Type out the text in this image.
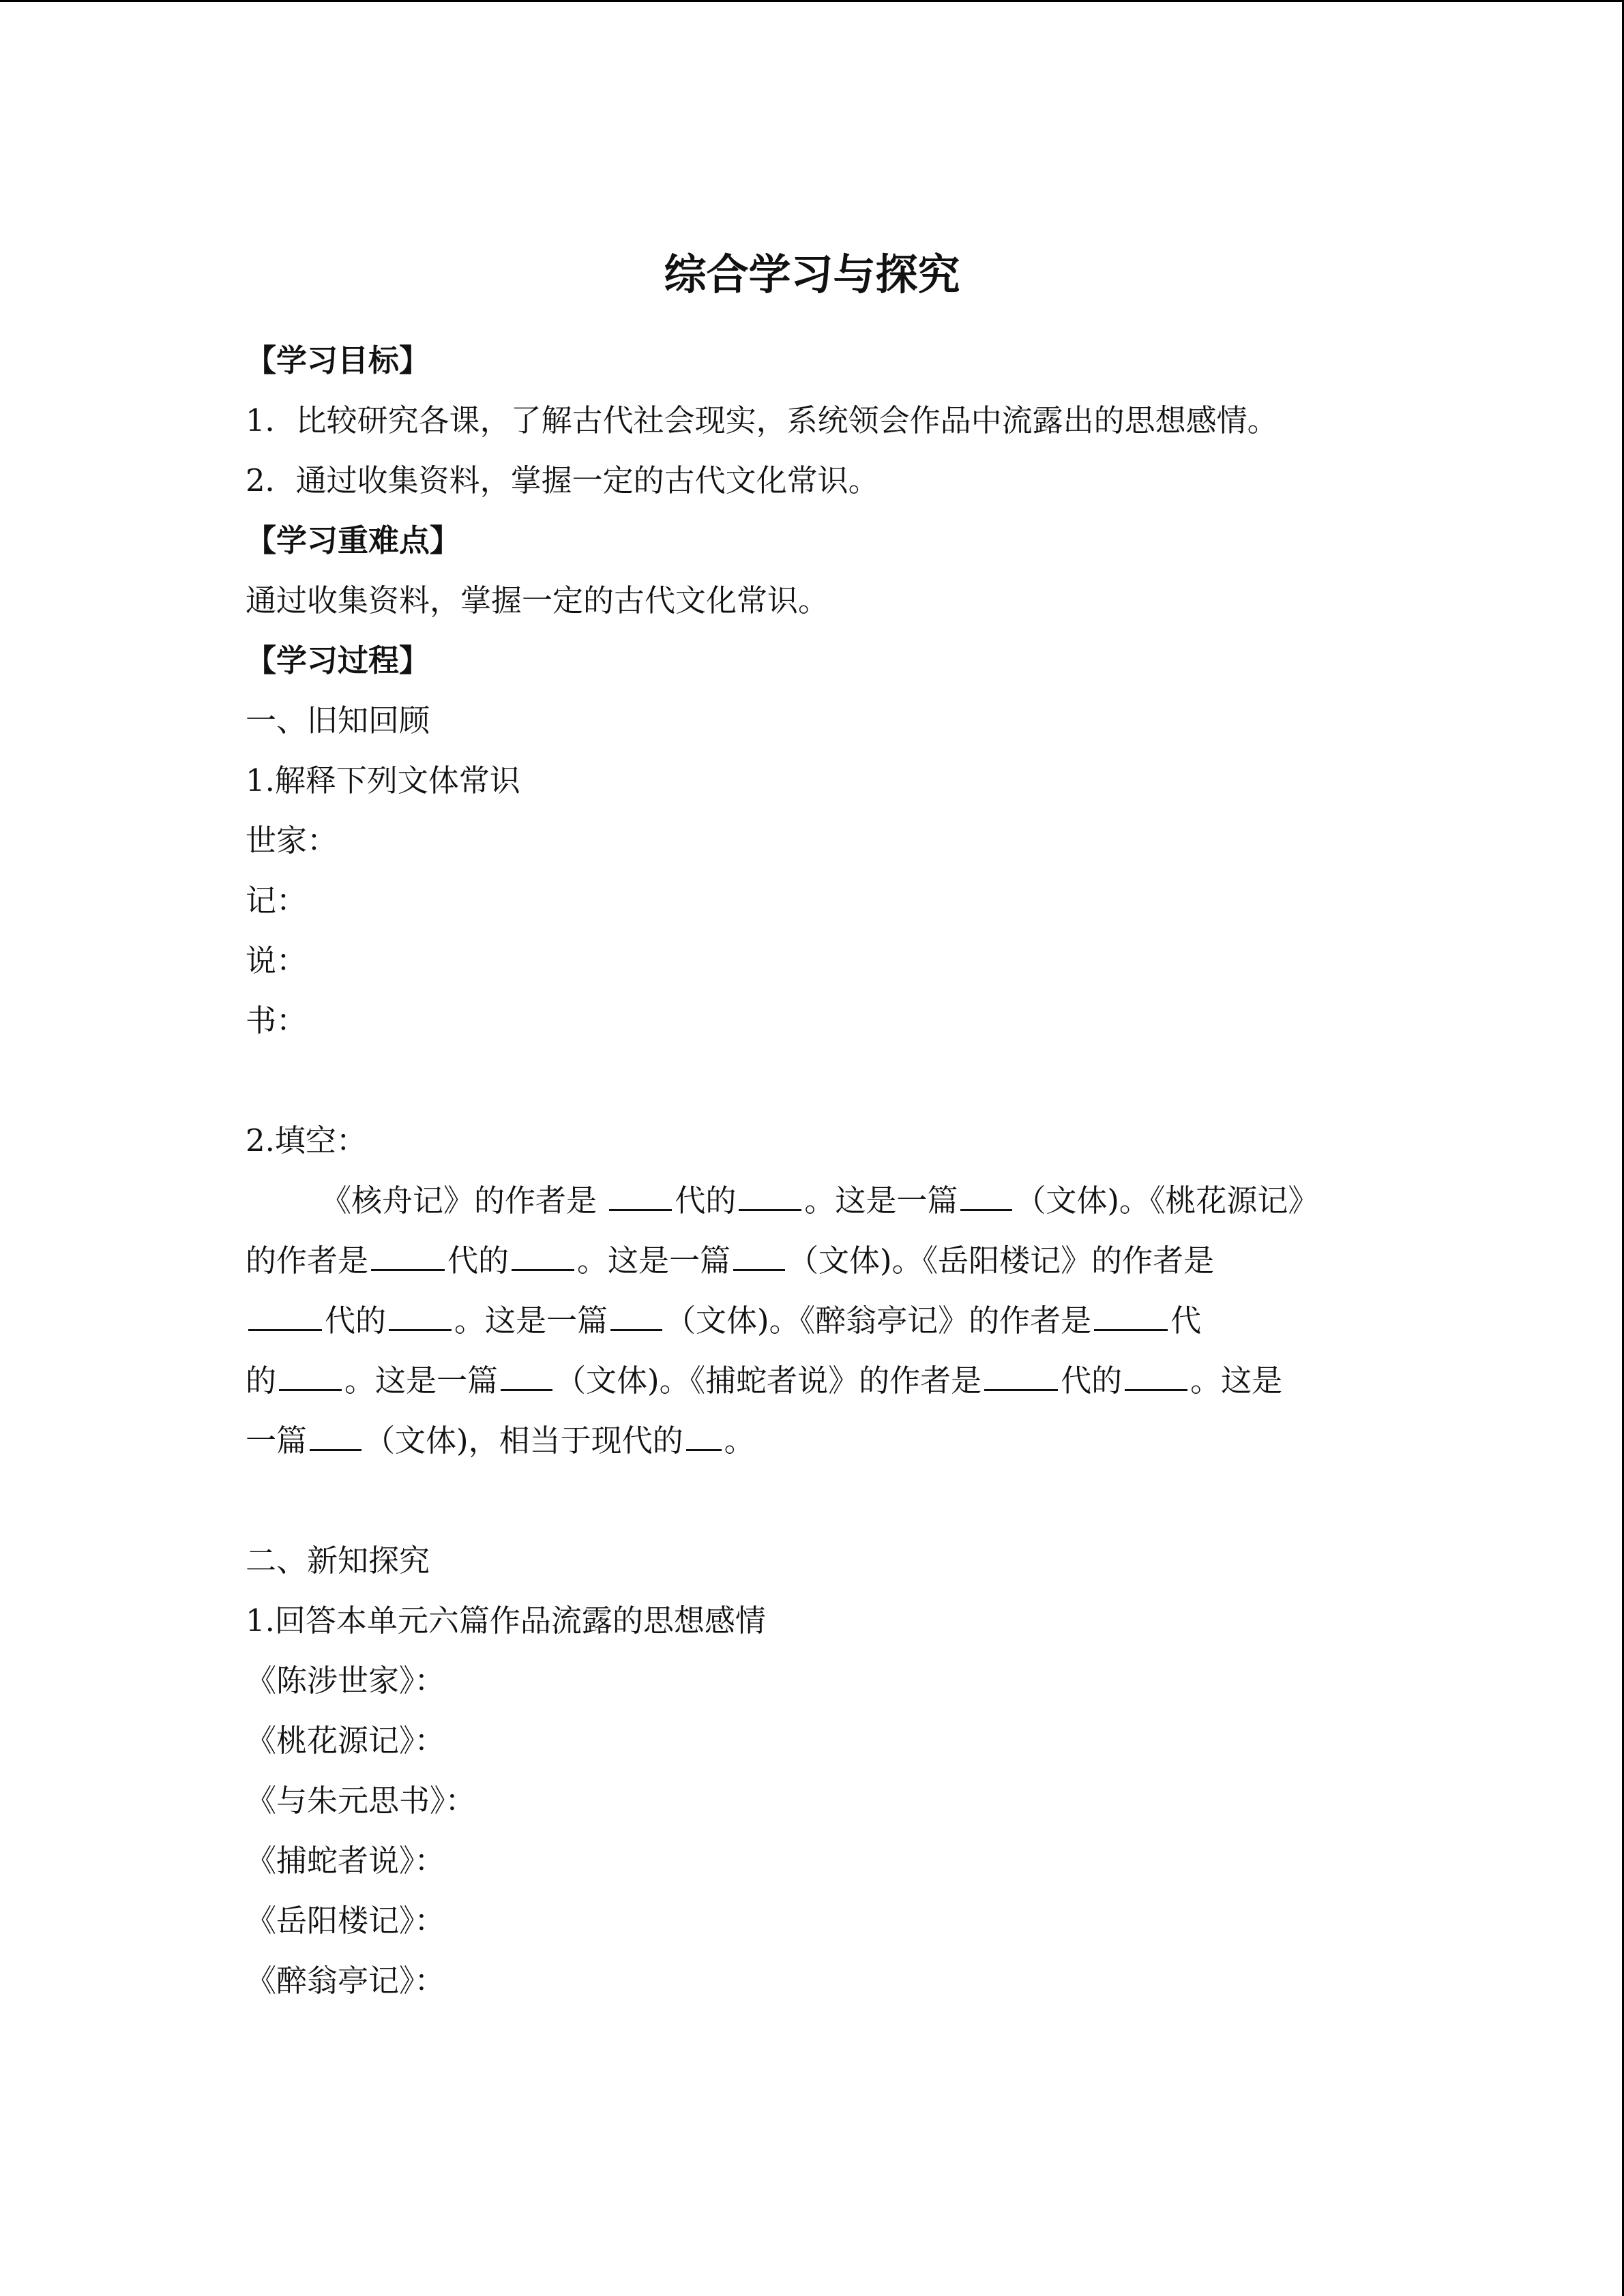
综合学习与探究
【学习目标】
1．比较研究各课，了解古代社会现实，系统领会作品中流露出的思想感情。
2．通过收集资料，掌握一定的古代文化常识。
【学习重难点】
通过收集资料，掌握一定的古代文化常识。
【学习过程】
一、旧知回顾
1.解释下列文体常识
世家：
记：
说：
书：
2.填空：
《核舟记》的作者是 代的 。这是一篇 （文体)。《桃花源记》
的作者是	代的 。这是一篇 （文体)。《岳阳楼记》的作者是
代的 。这是一篇 （文体)。《醉翁亭记》的作者是	代
的 。这是一篇 （文体)。《捕蛇者说》的作者是	代的 。这是
一篇 （文体)，相当于现代的 。
二、新知探究
1.回答本单元六篇作品流露的思想感情
《陈涉世家》：
《桃花源记》：
《与朱元思书》：
《捕蛇者说》：
《岳阳楼记》：
《醉翁亭记》：
